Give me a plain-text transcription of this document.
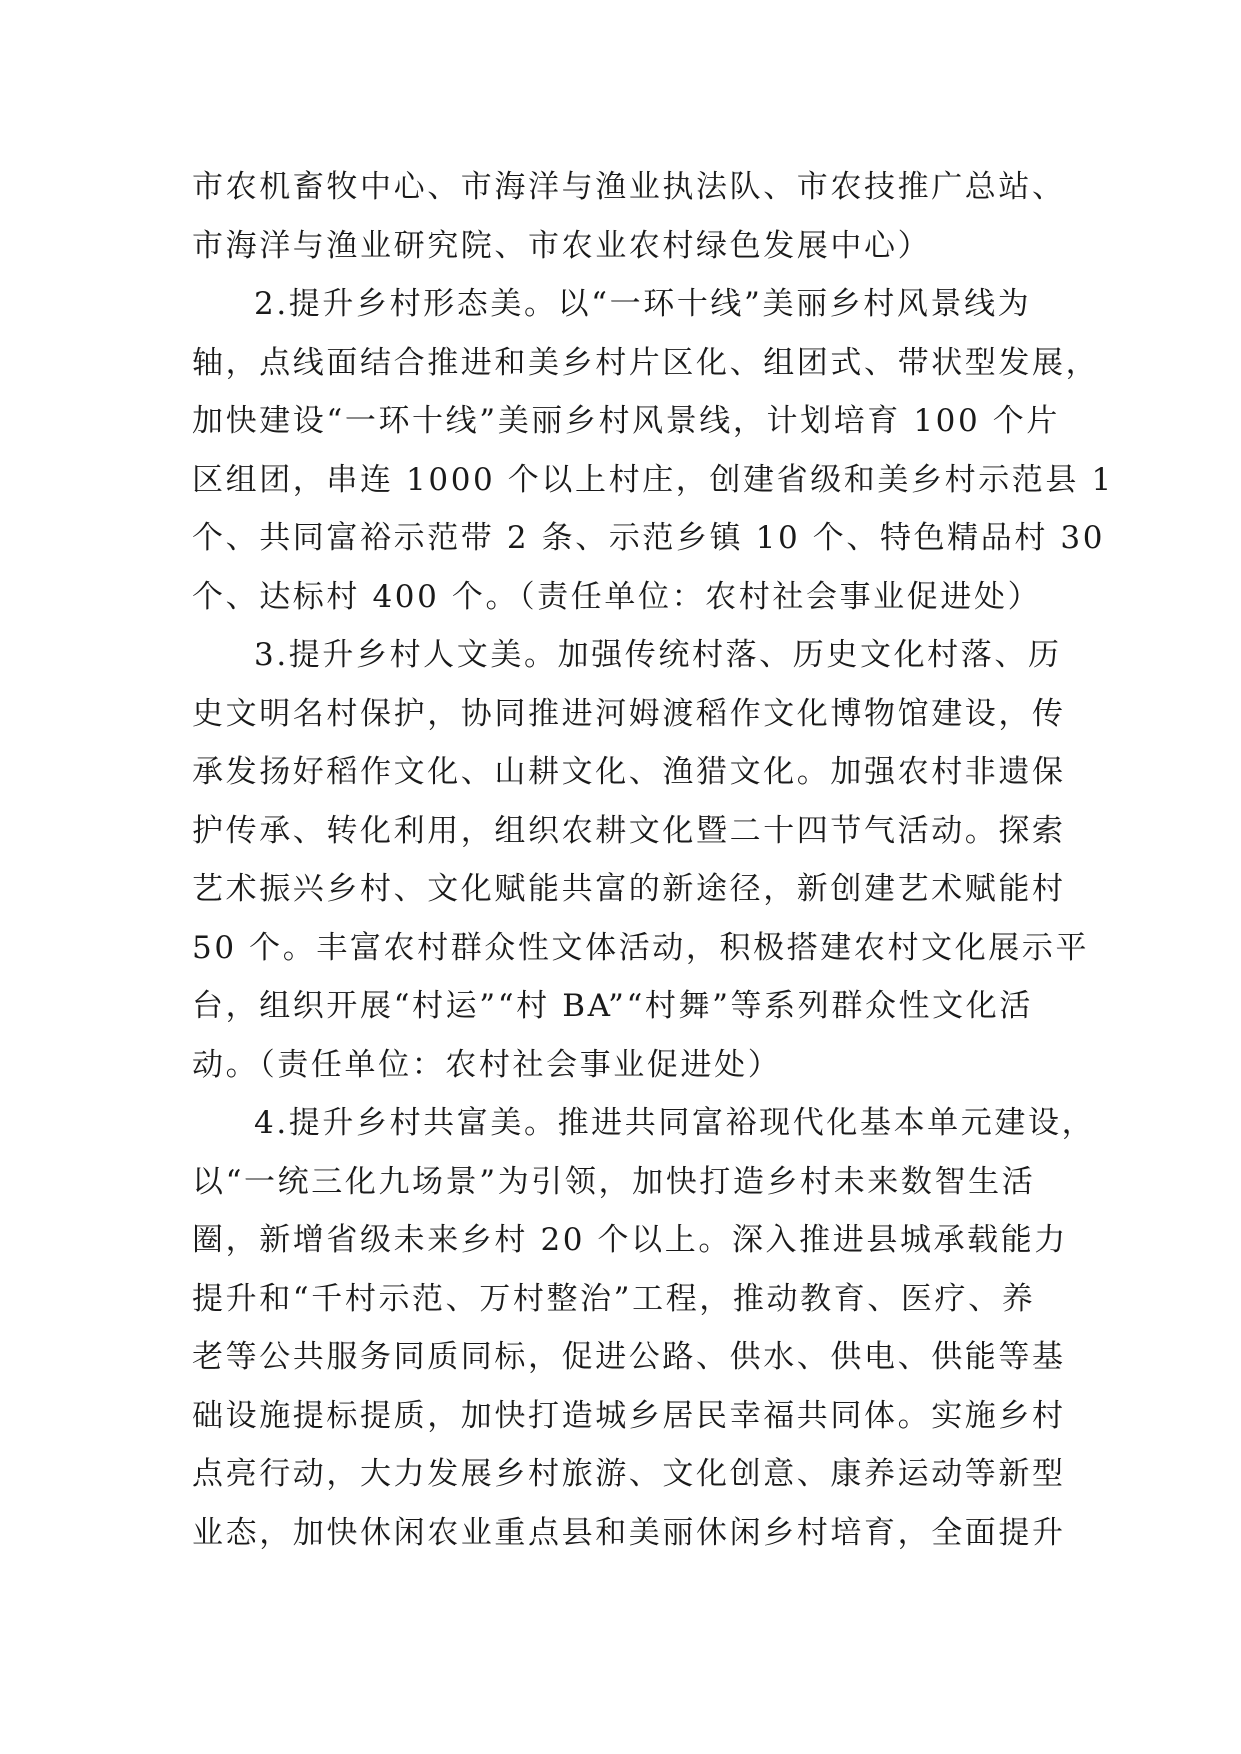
市农机畜牧中心、市海洋与渔业执法队、市农技推广总站、
市海洋与渔业研究院、市农业农村绿色发展中心）
2.提升乡村形态美。以“一环十线”美丽乡村风景线为
轴，点线面结合推进和美乡村片区化、组团式、带状型发展，
加快建设“一环十线”美丽乡村风景线，计划培育 100 个片
区组团，串连 1000 个以上村庄，创建省级和美乡村示范县 1
个、共同富裕示范带 2 条、示范乡镇 10 个、特色精品村 30
个、达标村 400 个。（责任单位：农村社会事业促进处）
3.提升乡村人文美。加强传统村落、历史文化村落、历
史文明名村保护，协同推进河姆渡稻作文化博物馆建设，传
承发扬好稻作文化、山耕文化、渔猎文化。加强农村非遗保
护传承、转化利用，组织农耕文化暨二十四节气活动。探索
艺术振兴乡村、文化赋能共富的新途径，新创建艺术赋能村
50 个。丰富农村群众性文体活动，积极搭建农村文化展示平
台，组织开展“村运”“村 BA”“村舞”等系列群众性文化活
动。（责任单位：农村社会事业促进处）
4.提升乡村共富美。推进共同富裕现代化基本单元建设，
以“一统三化九场景”为引领，加快打造乡村未来数智生活
圈，新增省级未来乡村 20 个以上。深入推进县城承载能力
提升和“千村示范、万村整治”工程，推动教育、医疗、养
老等公共服务同质同标，促进公路、供水、供电、供能等基
础设施提标提质，加快打造城乡居民幸福共同体。实施乡村
点亮行动，大力发展乡村旅游、文化创意、康养运动等新型
业态，加快休闲农业重点县和美丽休闲乡村培育，全面提升
